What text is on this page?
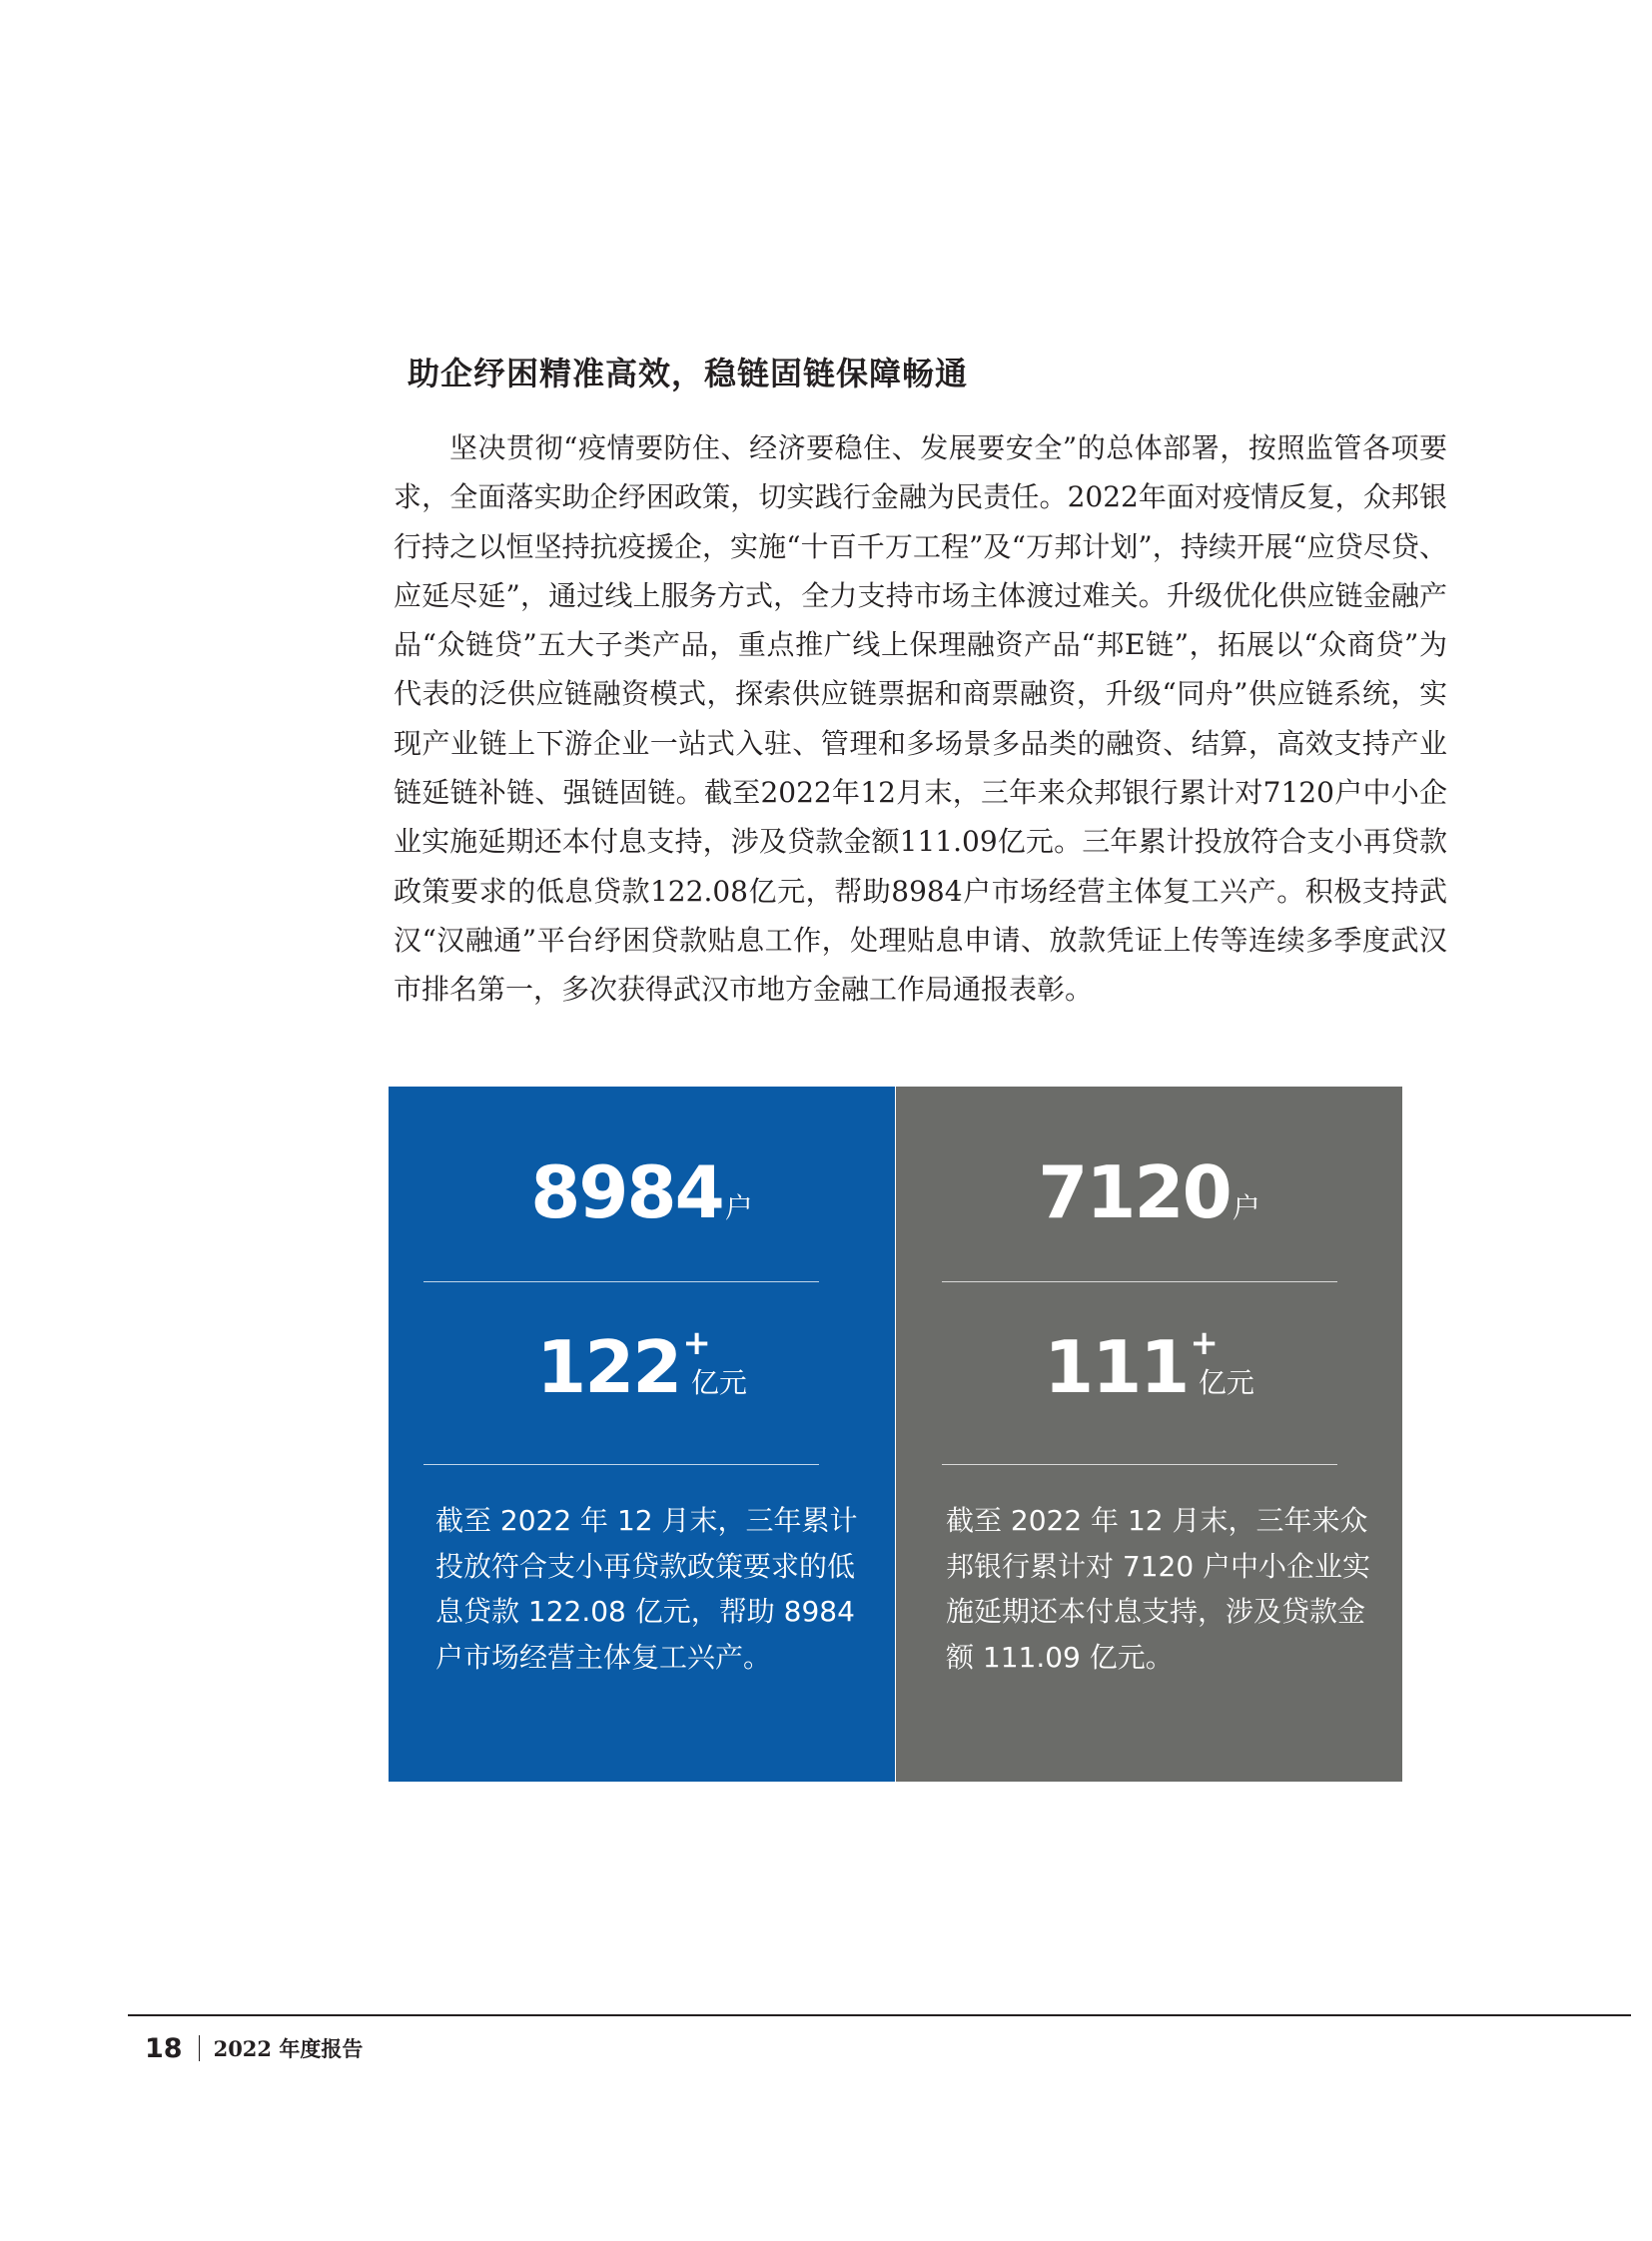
助企纾困精准高效，稳链固链保障畅通

坚决贯彻“疫情要防住、经济要稳住、发展要安全”的总体部署，按照监管各项要求，全面落实助企纾困政策，切实践行金融为民责任。2022年面对疫情反复，众邦银行持之以恒坚持抗疫援企，实施“十百千万工程”及“万邦计划”，持续开展“应贷尽贷、应延尽延”，通过线上服务方式，全力支持市场主体渡过难关。升级优化供应链金融产品“众链贷”五大子类产品，重点推广线上保理融资产品“邦E链”，拓展以“众商贷”为代表的泛供应链融资模式，探索供应链票据和商票融资，升级“同舟”供应链系统，实现产业链上下游企业一站式入驻、管理和多场景多品类的融资、结算，高效支持产业链延链补链、强链固链。截至2022年12月末，三年来众邦银行累计对7120户中小企业实施延期还本付息支持，涉及贷款金额111.09亿元。三年累计投放符合支小再贷款政策要求的低息贷款122.08亿元，帮助8984户市场经营主体复工兴产。积极支持武汉“汉融通”平台纾困贷款贴息工作，处理贴息申请、放款凭证上传等连续多季度武汉市排名第一，多次获得武汉市地方金融工作局通报表彰。

8984户
122+亿元

截至 2022 年 12 月末，三年累计投放符合支小再贷款政策要求的低息贷款 122.08 亿元，帮助 8984 户市场经营主体复工兴产。

7120户
111+亿元

截至 2022 年 12 月末，三年来众邦银行累计对 7120 户中小企业实施延期还本付息支持，涉及贷款金额 111.09 亿元。

18 2022 年度报告
